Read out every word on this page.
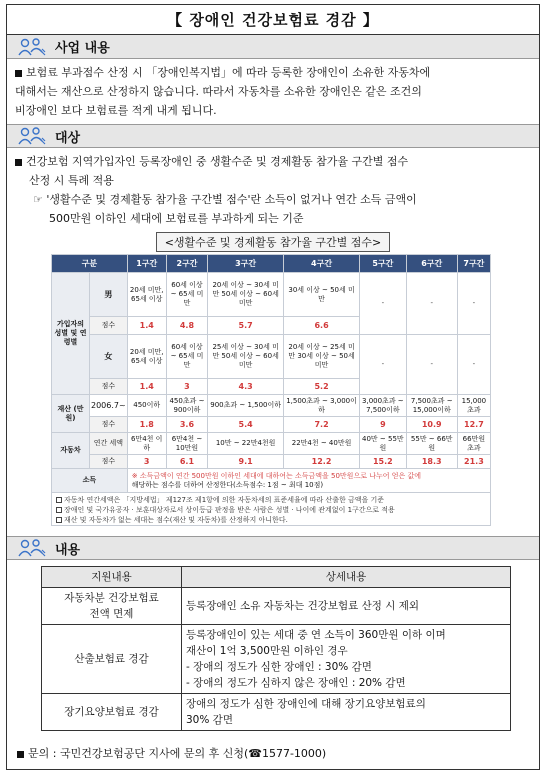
【 장애인 건강보험료 경감 】
사업 내용
보험료 부과점수 산정 시 「장애인복지법」에 따라 등록한 장애인이 소유한 자동차에
대해서는 재산으로 산정하지 않습니다. 따라서 자동차를 소유한 장애인은 같은 조건의
비장애인 보다 보험료를 적게 내게 됩니다.
대상
건강보험 지역가입자인 등록장애인 중 생활수준 및 경제활동 참가율 구간별 점수
산정 시 특례 적용
☞ '생활수준 및 경제활동 참가율 구간별 점수'란 소득이 없거나 연간 소득 금액이
500만원 이하인 세대에 보험료를 부과하게 되는 기준
<생활수준 및 경제활동 참가율 구간별 점수>
구분		1구간	2구간	3구간	4구간	5구간	6구간	7구간
가입자의 성별 및 연령별	男	20세 미만, 65세 이상	60세 이상 ~ 65세 미만	20세 이상 ~ 30세 미만 50세 이상 ~ 60세 미만	30세 이상 ~ 50세 미만	-	-	-
	점수	1.4	4.8	5.7	6.6			
	女	20세 미만, 65세 이상	60세 이상 ~ 65세 미만	25세 이상 ~ 30세 미만 50세 이상 ~ 60세 미만	20세 이상 ~ 25세 미만 30세 이상 ~ 50세 미만	-	-	-
	점수	1.4	3	4.3	5.2			
재산 (만원)	2006.7~	450이하	450초과 ~ 900이하	900초과 ~ 1,500이하	1,500초과 ~ 3,000이하	3,000초과 ~ 7,500이하	7,500초과 ~ 15,000이하	15,000초과
	점수	1.8	3.6	5.4	7.2	9	10.9	12.7
자동차	연간 세액	6만4천 이하	6만4천 ~ 10만원	10만 ~ 22만4천원	22만4천 ~ 40만원	40만 ~ 55만원	55만 ~ 66만원	66만원 초과
	점수	3	6.1	9.1	12.2	15.2	18.3	21.3
소득		※ 소득금액이 연간 500만원 이하인 세대에 대하여는 소득금액을 50만원으로 나누어 얻은 값에
해당하는 점수를 더하여 산정한다(소득점수: 1점 ~ 최대 10점)						
자동차 연간세액은 「지방세법」 제127조 제1항에 의한 자동차세의 표준세율에 따라 산출한 금액을 기준
장애인 및 국가유공자 · 보훈대상자로서 상이등급 판정을 받은 사람은 성별 · 나이에 관계없이 1구간으로 적용
재산 및 자동차가 없는 세대는 점수(재산 및 자동차)를 산정하지 아니한다.
내용
지원내용	상세내용

자동차분 건강보험료
전액 면제	등록장애인 소유 자동차는 건강보험료 산정 시 제외
산출보험료 경감	등록장애인이 있는 세대 중 연 소득이 360만원 이하 이며
재산이 1억 3,500만원 이하인 경우
- 장애의 정도가 심한 장애인 : 30% 감면
- 장애의 정도가 심하지 않은 장애인 : 20% 감면

장기요양보험료 경감	장애의 정도가 심한 장애인에 대해 장기요양보험료의
30% 감면
문의 : 국민건강보험공단 지사에 문의 후 신청(☎1577-1000)
